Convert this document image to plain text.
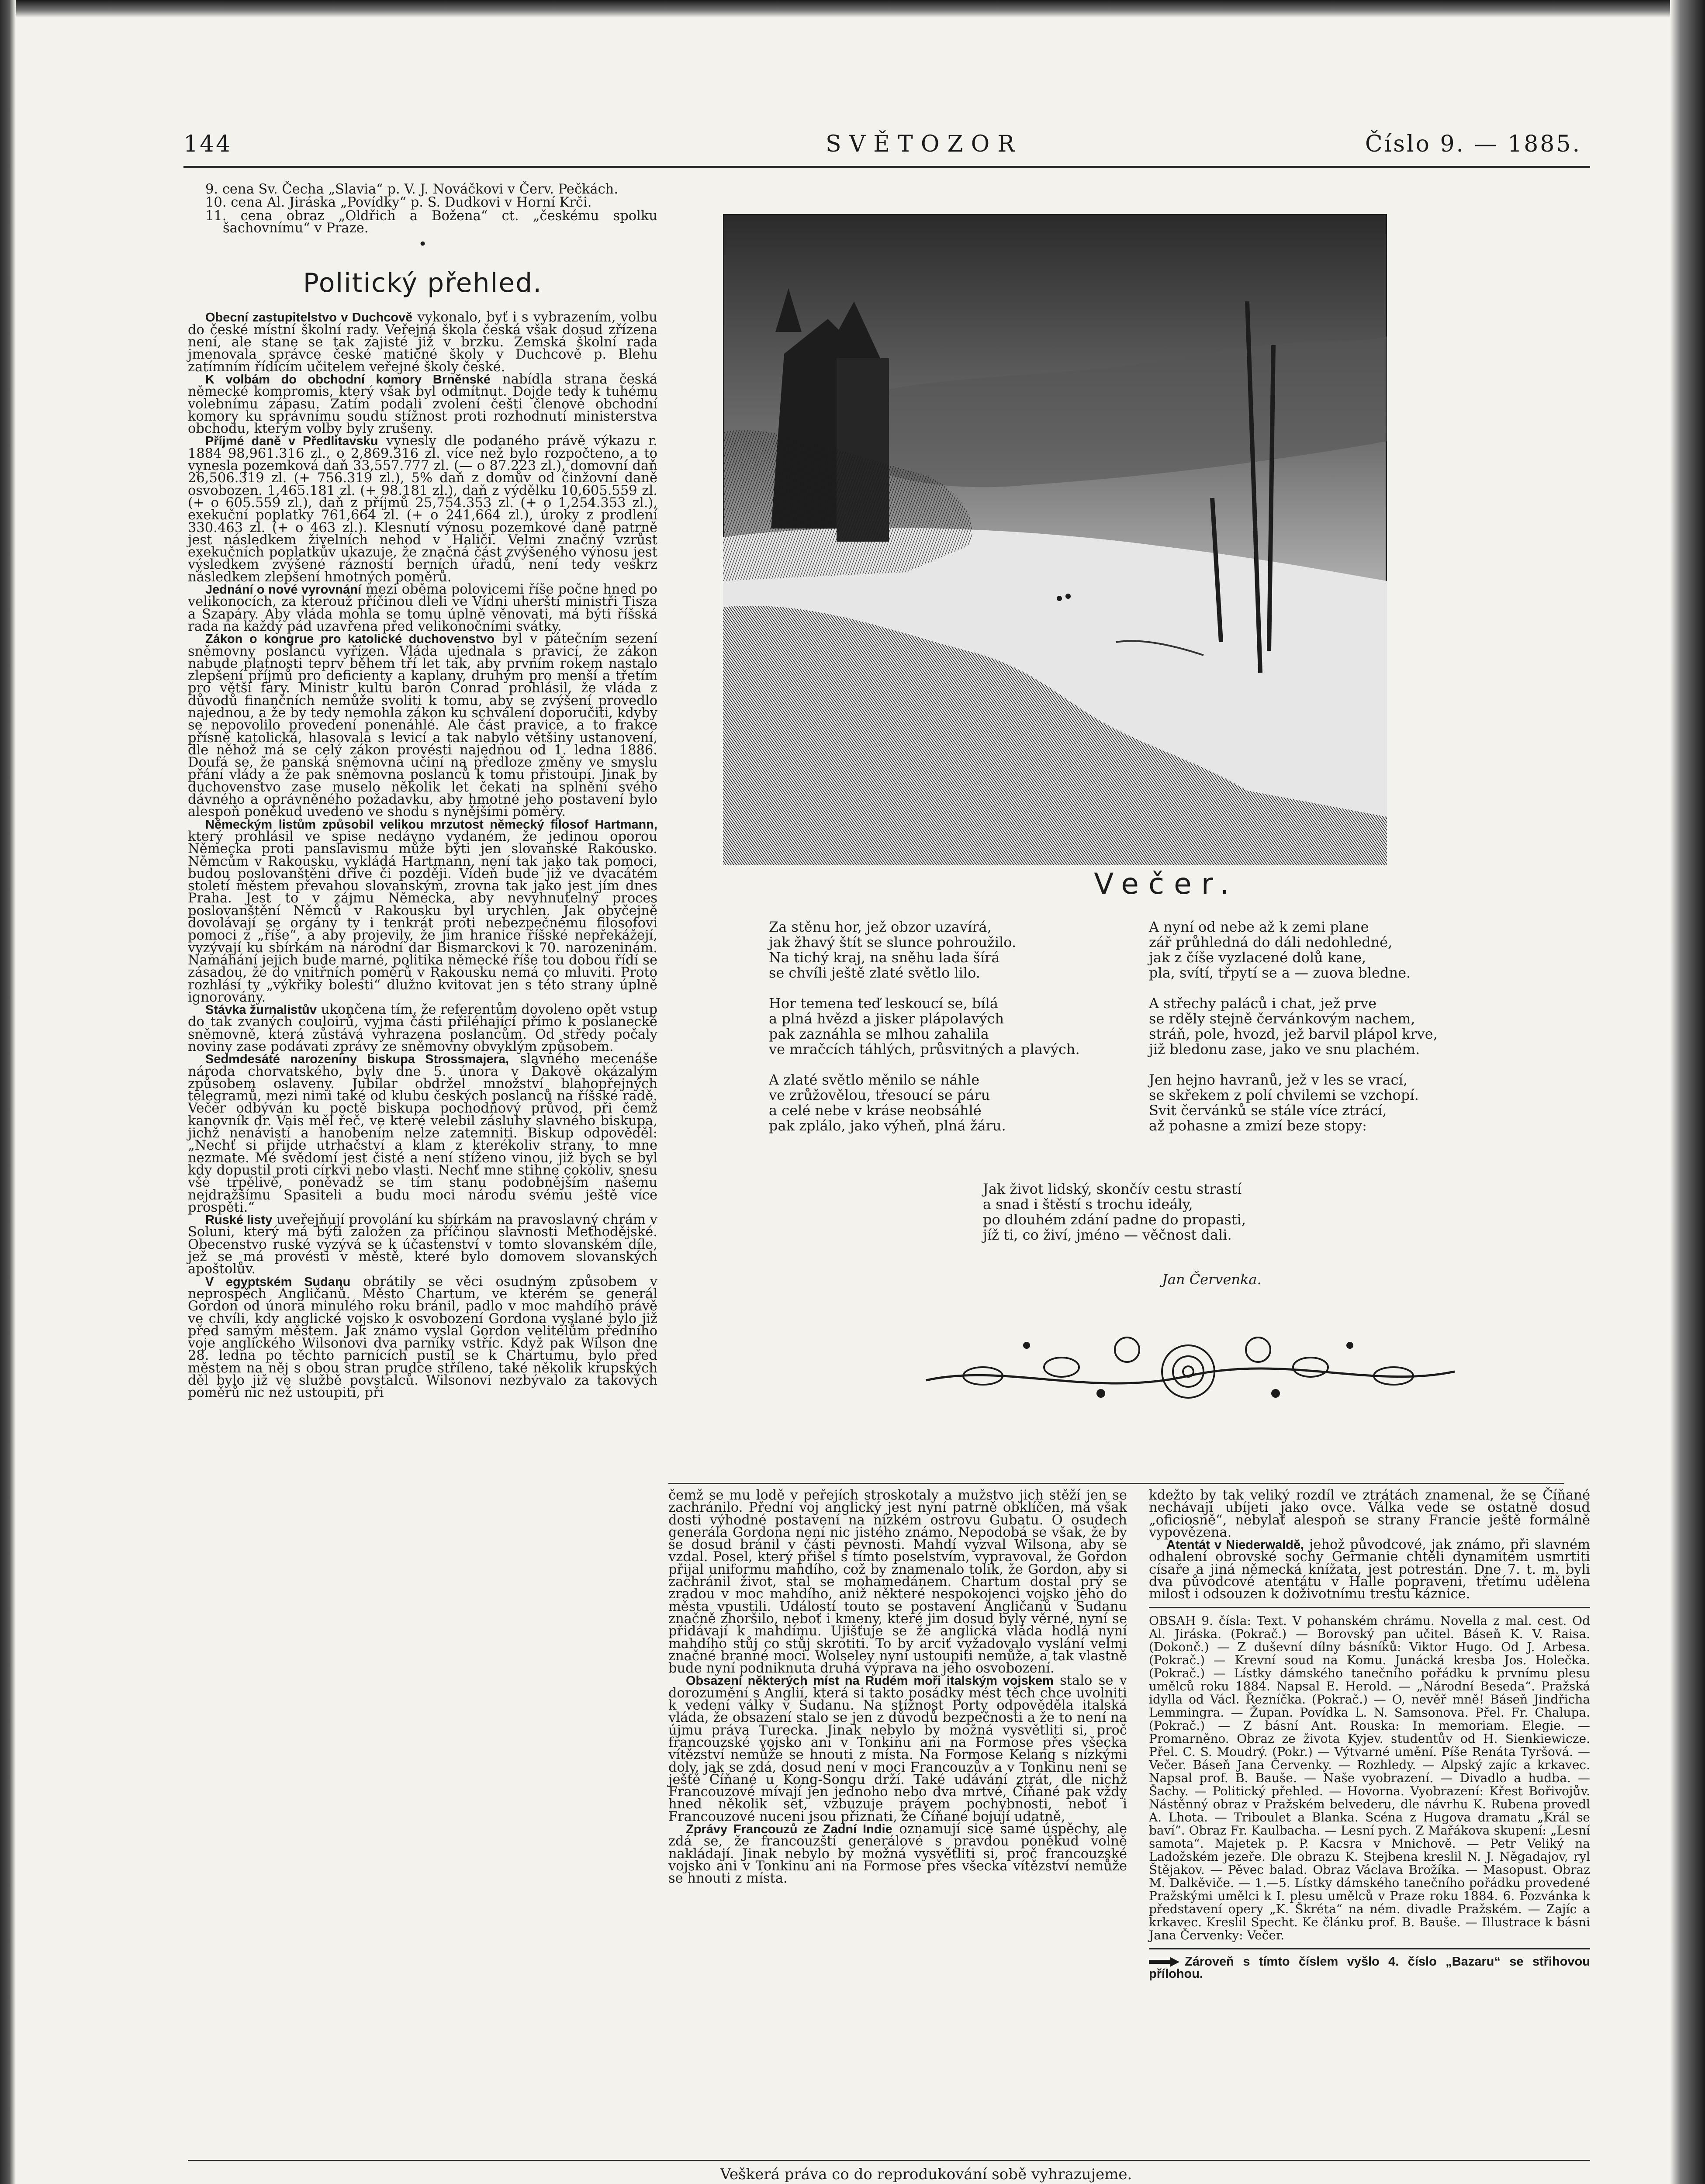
144	SVĚTOZOR	Číslo 9. — 1885.
9. cena Sv. Čecha „Slavia“ p. V. J. Nováčkovi v Červ. Pečkách.
10. cena Al. Jiráska „Povídky“ p. S. Dudkovi v Horní Krči.
11. cena obraz „Oldřich a Božena“ ct. „českému spolku šachovnímu“ v Praze.
•
Politický přehled.

Obecní zastupitelstvo v Duchcově vykonalo, byť i s vybrazením, volbu do české místní školní rady. Veřejná škola česká však dosud zřízena není, ale stane se tak zajisté již v brzku. Zemská školní rada jmenovala správce české matičné školy v Duchcově p. Blehu zatímním řídicím učitelem veřejné školy české.

K volbám do obchodní komory Brněnské nabídla strana česká německé kompromis, který však byl odmítnut. Dojde tedy k tuhému volebnímu zápasu. Zatím podali zvolení češti členové obchodní komory ku správnímu soudu stížnost proti rozhodnutí ministerstva obchodu, kterým volby byly zrušeny.

Příjmé daně v Předlitavsku vynesly dle podaného právě výkazu r. 1884 98,961.316 zl., o 2,869.316 zl. více než bylo rozpočteno, a to vynesla pozemková daň 33,557.777 zl. (— o 87.223 zl.), domovní daň 26,506.319 zl. (+ 756.319 zl.), 5% daň z domův od činžovní daně osvobozen. 1,465.181 zl. (+ 98.181 zl.), daň z výdělku 10,605.559 zl. (+ o 605.559 zl.), daň z příjmů 25,754.353 zl. (+ o 1,254.353 zl.), exekuční poplatky 761,664 zl. (+ o 241,664 zl.), úroky z prodlení 330.463 zl. (+ o 463 zl.). Klesnutí výnosu pozemkové daně patrně jest následkem živelních nehod v Haliči. Velmi značný vzrůst exekučních poplatkův ukazuje, že značná část zvýšeného výnosu jest výsledkem zvýšené rázností berních úřadů, není tedy veskrz následkem zlepšení hmotných poměrů.

Jednání o nové vyrovnání mezi oběma polovicemi říše počne hned po velikonocích, za kterouž příčinou dleli ve Vídni uherští ministři Tisza a Szapáry. Aby vláda mohla se tomu úplně věnovati, má býti říšská rada na každý pád uzavřena před velikonočními svátky.

Zákon o kongrue pro katolické duchovenstvo byl v pátečním sezení sněmovny poslanců vyřízen. Vláda ujednala s pravicí, že zákon nabude platnosti teprv během tří let tak, aby prvním rokem nastalo zlepšení příjmů pro deficienty a kaplany, druhým pro menší a třetím pro větší fary. Ministr kultu baron Conrad prohlásil, že vláda z důvodů finančních nemůže svoliti k tomu, aby se zvýšení provedlo najednou, a že by tedy nemohla zákon ku schválení doporučiti, kdyby se nepovolilo provedení ponenáhlé. Ale část pravice, a to frakce přísně katolická, hlasovala s levicí a tak nabylo většiny ustanovení, dle něhož má se celý zákon provésti najednou od 1. ledna 1886. Doufá se, že panská sněmovna učiní na předloze změny ve smyslu přání vlády a že pak sněmovna poslanců k tomu přistoupí. Jinak by duchovenstvo zase muselo několik let čekati na splnění svého dávného a oprávněného požadavku, aby hmotné jeho postavení bylo alespoň poněkud uvedeno ve shodu s nynějšími poměry.

Německým listům způsobil velikou mrzutost německý filosof Hartmann, který prohlásil ve spise nedávno vydaném, že jedinou oporou Německa proti panslavismu může býti jen slovanské Rakousko. Němcům v Rakousku, vykládá Hartmann, není tak jako tak pomoci, budou poslovanštěni dříve či později. Vídeň bude již ve dvacátém století městem převahou slovanským, zrovna tak jako jest jím dnes Praha. Jest to v zájmu Německa, aby nevyhnutelný proces poslovanštění Němců v Rakousku byl urychlen. Jak obyčejně dovolávají se orgány ty i tenkrát proti nebezpečnému filosofovi pomoci z „říše“, a aby projevily, že jim hranice říšské nepřekážejí, vyzývají ku sbírkám na národní dar Bismarckovi k 70. narozeninám. Namáhání jejich bude marné, politika německé říše tou dobou řídí se zásadou, že do vnitřních poměrů v Rakousku nemá co mluviti. Proto rozhlásí ty „výkřiky bolesti“ dlužno kvitovat jen s této strany úplně ignorovány.

Stávka žurnalistův ukončena tím, že referentům dovoleno opět vstup do tak zvaných couloirů, vyjma části přiléhající přímo k poslanecké sněmovně, která zůstává vyhrazena poslancům. Od středy počaly noviny zase podávati zprávy ze sněmovny obvyklým způsobem.

Sedmdesáté narozeniny biskupa Strossmajera, slavného mecenáše národa chorvatského, byly dne 5. února v Ďakově okázalým způsobem oslaveny. Jubilar obdržel množství blahopřejných telegramů, mezi nimi také od klubu českých poslanců na říšské radě. Večer odbýván ku poctě biskupa pochodňový průvod, při čemž kanovník dr. Vais měl řeč, ve které velebil zásluhy slavného biskupa, jichž nenávistí a hanobením nelze zatemniti. Biskup odpověděl: „Nechť si přijde utrhačství a klam z kterékoliv strany, to mne nezmate. Mé svědomí jest čisté a není stíženo vinou, již bych se byl kdy dopustil proti církvi nebo vlasti. Nechť mne stihne cokoliv, snesu vše trpělivě, poněvadž se tím stanu podobnějším našemu nejdražšímu Spasiteli a budu moci národu svému ještě více prospěti.“

Ruské listy uveřejňují provolání ku sbírkám na pravoslavný chrám v Soluni, který má býti založen za příčinou slavnosti Methodějské. Obecenstvo ruské vyzývá se k účastenství v tomto slovanském díle, jež se má provésti v městě, které bylo domovem slovanských apoštolův.

V egyptském Sudanu obrátily se věci osudným způsobem v neprospěch Angličanů. Město Chartum, ve kterém se generál Gordon od února minulého roku bránil, padlo v moc mahdího právě ve chvíli, kdy anglické vojsko k osvobození Gordona vyslané bylo již před samým městem. Jak známo vyslal Gordon velitelům předního voje anglického Wilsonovi dva parníky vstříc. Když pak Wilson dne 28. ledna po těchto parnících pustil se k Chartumu, bylo před městem na něj s obou stran prudce stříleno, také několik krupských děl bylo již ve službě povstalců. Wilsonovi nezbývalo za takových poměrů nic než ustoupiti, při

Večer.

Za stěnu hor, jež obzor uzavírá,
jak žhavý štít se slunce pohroužilo.
Na tichý kraj, na sněhu lada šírá
se chvíli ještě zlaté světlo lilo.

Hor temena teď leskoucí se, bílá
a plná hvězd a jisker plápolavých
pak zaznáhla se mlhou zahalila
ve mračcích táhlých, průsvitných a plavých.

A zlaté světlo měnilo se náhle
ve zrůžovělou, třesoucí se páru
a celé nebe v kráse neobsáhlé
pak zplálo, jako výheň, plná žáru.

A nyní od nebe až k zemi plane
zář průhledná do dáli nedohledné,
jak z číše vyzlacené dolů kane,
pla, svítí, třpytí se a — zuova bledne.

A střechy paláců i chat, jež prve
se rděly stejně červánkovým nachem,
stráň, pole, hvozd, jež barvil plápol krve,
již bledonu zase, jako ve snu plachém.

Jen hejno havranů, jež v les se vrací,
se skřekem z polí chvilemi se vzchopí.
Svit červánků se stále více ztrácí,
až pohasne a zmizí beze stopy:

Jak život lidský, skončív cestu strastí
a snad i štěstí s trochu ideály,
po dlouhém zdání padne do propasti,
jíž ti, co živí, jméno — věčnost dali.

Jan Červenka.

čemž se mu lodě v peřejích stroskotaly a mužstvo jich stěží jen se zachránilo. Přední voj anglický jest nyní patrně obklíčen, má však dosti výhodné postavení na nízkém ostrovu Gubatu. O osudech generála Gordona není nic jistého známo. Nepodobá se však, že by se dosud bránil v části pevnosti. Mahdí vyzval Wilsona, aby se vzdal. Posel, který přišel s tímto poselstvím, vypravoval, že Gordon přijal uniformu mahdího, což by znamenalo tolik, že Gordon, aby si zachránil život, stal se mohamedánem. Chartum dostal prý se zradou v moc mahdího, aniž některé nespokojenci vojsko jeho do města vpustili. Událostí touto se postavení Angličanů v Sudanu značně zhoršilo, neboť i kmeny, které jim dosud byly věrné, nyní se přidávají k mahdímu. Ujišťuje se že anglická vláda hodlá nyní mahdího stůj co stůj skrotiti. To by arciť vyžadovalo vyslání velmi značné branné moci. Wolseley nyní ustoupiti nemůže, a tak vlastně bude nyní podniknuta druhá výprava na jeho osvobození.

Obsazení některých míst na Rudém moři italským vojskem stalo se v dorozumění s Anglií, která si takto posádky mést těch chce uvolniti k vedení války v Sudanu. Na stížnost Porty odpověděla italská vláda, že obsazení stalo se jen z důvodů bezpečnosti a že to není na újmu práva Turecka. Jinak nebylo by možná vysvětliti si, proč francouzské vojsko ani v Tonkinu ani na Formose přes všecka vítězství nemůže se hnouti z místa. Na Formose Kelang s nízkými doly, jak se zdá, dosud není v moci Francouzův a v Tonkinu není se ještě Číňané u Kong-Songu drží. Také udávání ztrát, dle nichž Francouzové mívají jen jednoho nebo dva mrtvé, Číňané pak vždy hned několik set, vzbuzuje právem pochybnosti, neboť i Francouzové nuceni jsou přiznati, že Číňané bojují udatně,

Zprávy Francouzů ze Zadní Indie oznamují sice samé úspěchy, ale zdá se, že francouzští generálové s pravdou poněkud volně nakládají. Jinak nebylo by možná vysvětliti si, proč francouzské vojsko ani v Tonkinu ani na Formose přes všecka vítězství nemůže se hnouti z místa.

kdežto by tak veliký rozdíl ve ztrátách znamenal, že se Číňané nechávají ubíjeti jako ovce. Válka vede se ostatně dosud „oficiosně“, nebylať alespoň se strany Francie ještě formálně vypovězena.

Atentát v Niederwaldě, jehož původcové, jak známo, při slavném odhalení obrovské sochy Germanie chtěli dynamitem usmrtiti císaře a jiná německá knížata, jest potrestán. Dne 7. t. m. byli dva původcové atentátu v Halle popraveni, třetímu udělena milost i odsouzen k doživotnímu trestu káznice.

OBSAH 9. čísla: Text. V pohanském chrámu. Novella z mal. cest. Od Al. Jiráska. (Pokrač.) — Borovský pan učitel. Báseň K. V. Raisa. (Dokonč.) — Z duševní dílny básníků: Viktor Hugo. Od J. Arbesa. (Pokrač.) — Krevní soud na Komu. Junácká kresba Jos. Holečka. (Pokrač.) — Lístky dámského tanečního pořádku k prvnímu plesu umělců roku 1884. Napsal E. Herold. — „Národní Beseda“. Pražská idylla od Václ. Řezníčka. (Pokrač.) — O, nevěř mně! Báseň Jindřicha Lemmingra. — Župan. Povídka L. N. Samsonova. Přel. Fr. Chalupa. (Pokrač.) — Z básní Ant. Rouska: In memoriam. Elegie. — Promarněno. Obraz ze života Kyjev. studentův od H. Sienkiewicze. Přel. C. S. Moudrý. (Pokr.) — Výtvarné umění. Píše Renáta Tyršová. — Večer. Báseň Jana Červenky. — Rozhledy. — Alpský zajíc a krkavec. Napsal prof. B. Bauše. — Naše vyobrazení. — Divadlo a hudba. — Šachy. — Politický přehled. — Hovorna. Vyobrazení: Křest Bořivojův. Nástěnný obraz v Pražském belvederu, dle návrhu K. Rubena provedl A. Lhota. — Triboulet a Blanka. Scéna z Hugova dramatu „Král se baví“. Obraz Fr. Kaulbacha. — Lesní pych. Z Mařákova skupení: „Lesní samota“. Majetek p. P. Kacsra v Mnichově. — Petr Veliký na Ladožském jezeře. Dle obrazu K. Stejbena kreslil N. J. Něgadajov, ryl Štějakov. — Pěvec balad. Obraz Václava Brožíka. — Masopust. Obraz M. Dalkěviče. — 1.—5. Lístky dámského tanečního pořádku provedené Pražskými umělci k I. plesu umělců v Praze roku 1884. 6. Pozvánka k představení opery „K. Škréta“ na ném. divadle Pražském. — Zajíc a krkavec. Kreslil Specht. Ke článku prof. B. Bauše. — Illustrace k básni Jana Červenky: Večer.

Zároveň s tímto číslem vyšlo 4. číslo „Bazaru“ se střihovou přílohou.

Veškerá práva co do reprodukování sobě vyhrazujeme.
